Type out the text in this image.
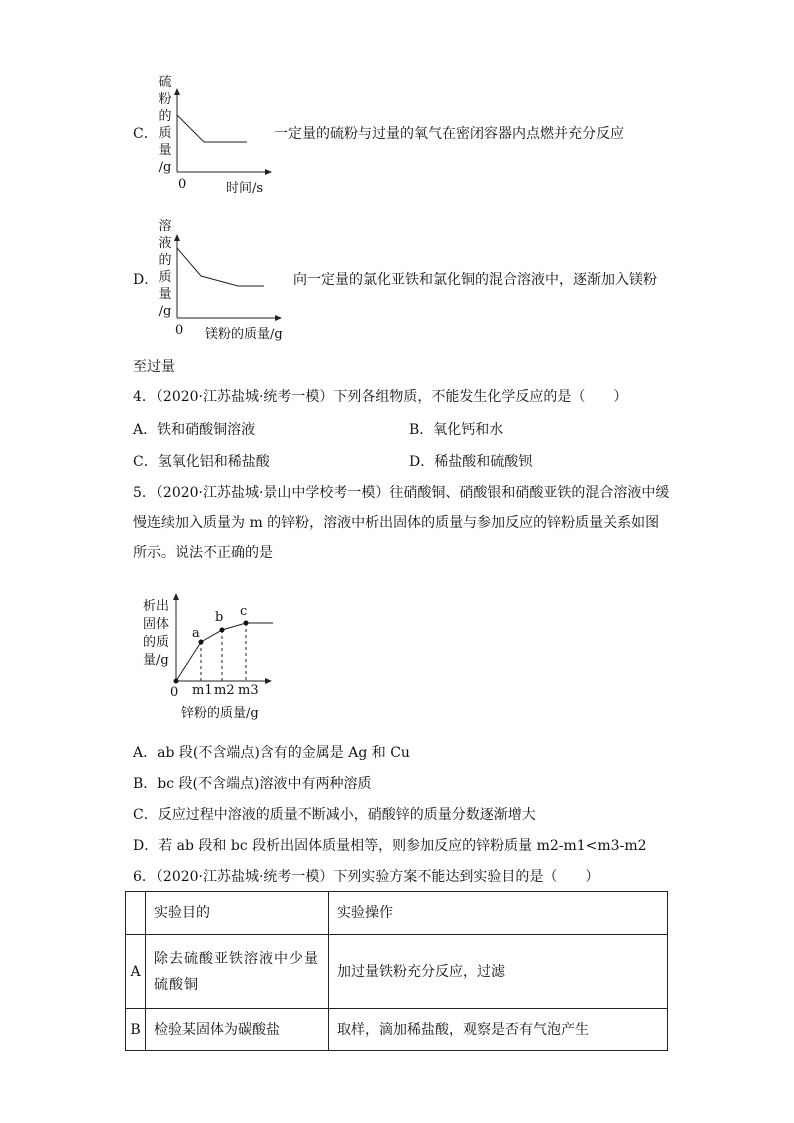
硫
粉
的
质
量
/g
C．
0	时间/s
一定量的硫粉与过量的氧气在密闭容器内点燃并充分反应
溶
液
的
质
量
/g
D．
0 镁粉的质量/g
向一定量的氯化亚铁和氯化铜的混合溶液中，逐渐加入镁粉
至过量
4．（2020·江苏盐城·统考一模）下列各组物质，不能发生化学反应的是（　　）
A．铁和硝酸铜溶液	B．氧化钙和水
C．氢氧化铝和稀盐酸	D．稀盐酸和硫酸钡
5．（2020·江苏盐城·景山中学校考一模）往硝酸铜、硝酸银和硝酸亚铁的混合溶液中缓
慢连续加入质量为 m 的锌粉，溶液中析出固体的质量与参加反应的锌粉质量关系如图
所示。说法不正确的是
析出
固体
的质
量/g
a
b c
0 m1 m2 m3
锌粉的质量/g
A．ab 段(不含端点)含有的金属是 Ag 和 Cu
B．bc 段(不含端点)溶液中有两种溶质
C．反应过程中溶液的质量不断减小，硝酸锌的质量分数逐渐增大
D．若 ab 段和 bc 段析出固体质量相等，则参加反应的锌粉质量 m2-m1<m3-m2
6．（2020·江苏盐城·统考一模）下列实验方案不能达到实验目的是（　　）
	实验目的	实验操作
A	除去硫酸亚铁溶液中少量硫酸铜	加过量铁粉充分反应，过滤
B	检验某固体为碳酸盐	取样，滴加稀盐酸，观察是否有气泡产生
